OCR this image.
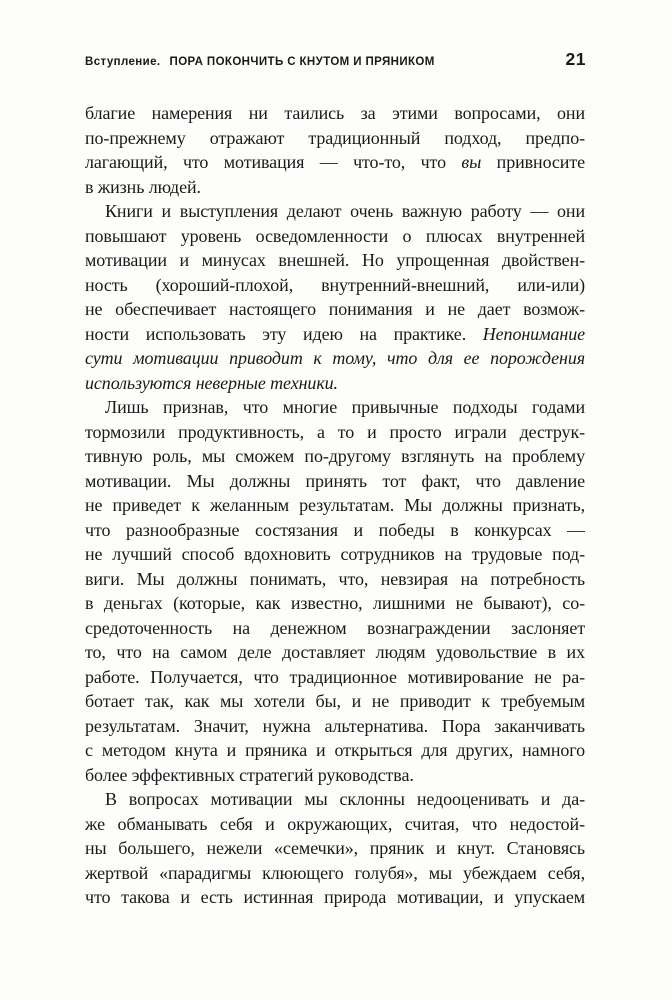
Вступление. ПОРА ПОКОНЧИТЬ С КНУТОМ И ПРЯНИКОМ	21
благие намерения ни таились за этими вопросами, они
по-прежнему отражают традиционный подход, предпо-
лагающий, что мотивация — что-то, что вы привносите
в жизнь людей.
Книги и выступления делают очень важную работу — они
повышают уровень осведомленности о плюсах внутренней
мотивации и минусах внешней. Но упрощенная двойствен-
ность (хороший-плохой, внутренний-внешний, или-или)
не обеспечивает настоящего понимания и не дает возмож-
ности использовать эту идею на практике. Непонимание
сути мотивации приводит к тому, что для ее порождения
используются неверные техники.
Лишь признав, что многие привычные подходы годами
тормозили продуктивность, а то и просто играли деструк-
тивную роль, мы сможем по-другому взглянуть на проблему
мотивации. Мы должны принять тот факт, что давление
не приведет к желанным результатам. Мы должны признать,
что разнообразные состязания и победы в конкурсах —
не лучший способ вдохновить сотрудников на трудовые под-
виги. Мы должны понимать, что, невзирая на потребность
в деньгах (которые, как известно, лишними не бывают), со-
средоточенность на денежном вознаграждении заслоняет
то, что на самом деле доставляет людям удовольствие в их
работе. Получается, что традиционное мотивирование не ра-
ботает так, как мы хотели бы, и не приводит к требуемым
результатам. Значит, нужна альтернатива. Пора заканчивать
с методом кнута и пряника и открыться для других, намного
более эффективных стратегий руководства.
В вопросах мотивации мы склонны недооценивать и да-
же обманывать себя и окружающих, считая, что недостой-
ны большего, нежели «семечки», пряник и кнут. Становясь
жертвой «парадигмы клюющего голубя», мы убеждаем себя,
что такова и есть истинная природа мотивации, и упускаем
